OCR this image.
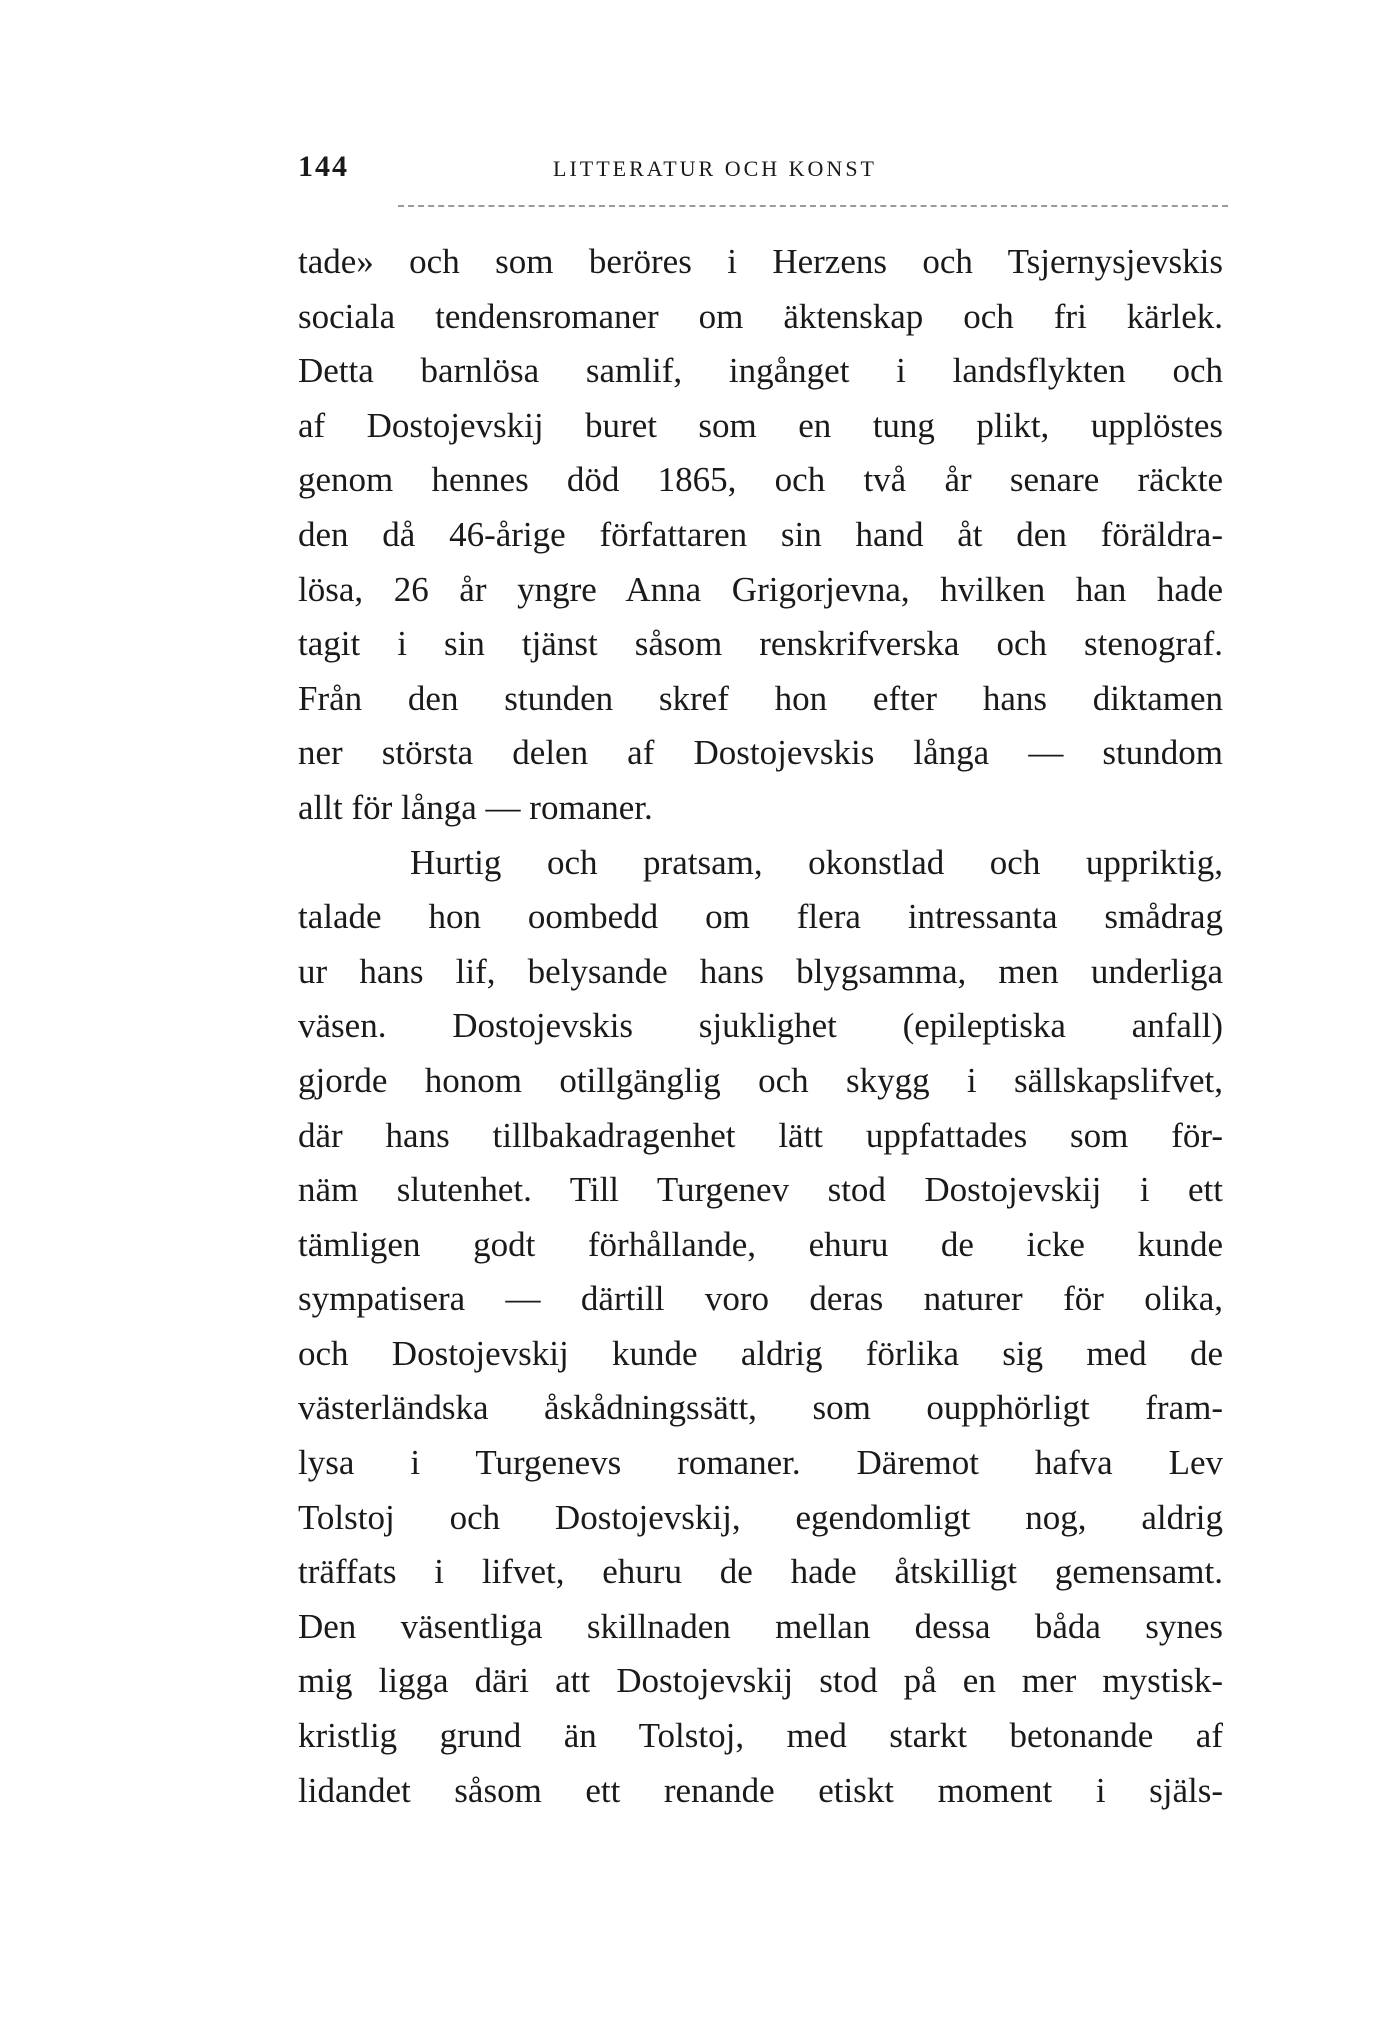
144	LITTERATUR OCH KONST
tade» och som beröres i Herzens och Tsjernysjevskis
sociala tendensromaner om äktenskap och fri kärlek.
Detta barnlösa samlif, ingånget i landsflykten och
af Dostojevskij buret som en tung plikt, upplöstes
genom hennes död 1865, och två år senare räckte
den då 46-årige författaren sin hand åt den föräldra-
lösa, 26 år yngre Anna Grigorjevna, hvilken han hade
tagit i sin tjänst såsom renskrifverska och stenograf.
Från den stunden skref hon efter hans diktamen
ner största delen af Dostojevskis långa — stundom
allt för långa — romaner.
Hurtig och pratsam, okonstlad och uppriktig,
talade hon oombedd om flera intressanta smådrag
ur hans lif, belysande hans blygsamma, men underliga
väsen. Dostojevskis sjuklighet (epileptiska anfall)
gjorde honom otillgänglig och skygg i sällskapslifvet,
där hans tillbakadragenhet lätt uppfattades som för-
näm slutenhet. Till Turgenev stod Dostojevskij i ett
tämligen godt förhållande, ehuru de icke kunde
sympatisera — därtill voro deras naturer för olika,
och Dostojevskij kunde aldrig förlika sig med de
västerländska åskådningssätt, som oupphörligt fram-
lysa i Turgenevs romaner. Däremot hafva Lev
Tolstoj och Dostojevskij, egendomligt nog, aldrig
träffats i lifvet, ehuru de hade åtskilligt gemensamt.
Den väsentliga skillnaden mellan dessa båda synes
mig ligga däri att Dostojevskij stod på en mer mystisk-
kristlig grund än Tolstoj, med starkt betonande af
lidandet såsom ett renande etiskt moment i själs-
